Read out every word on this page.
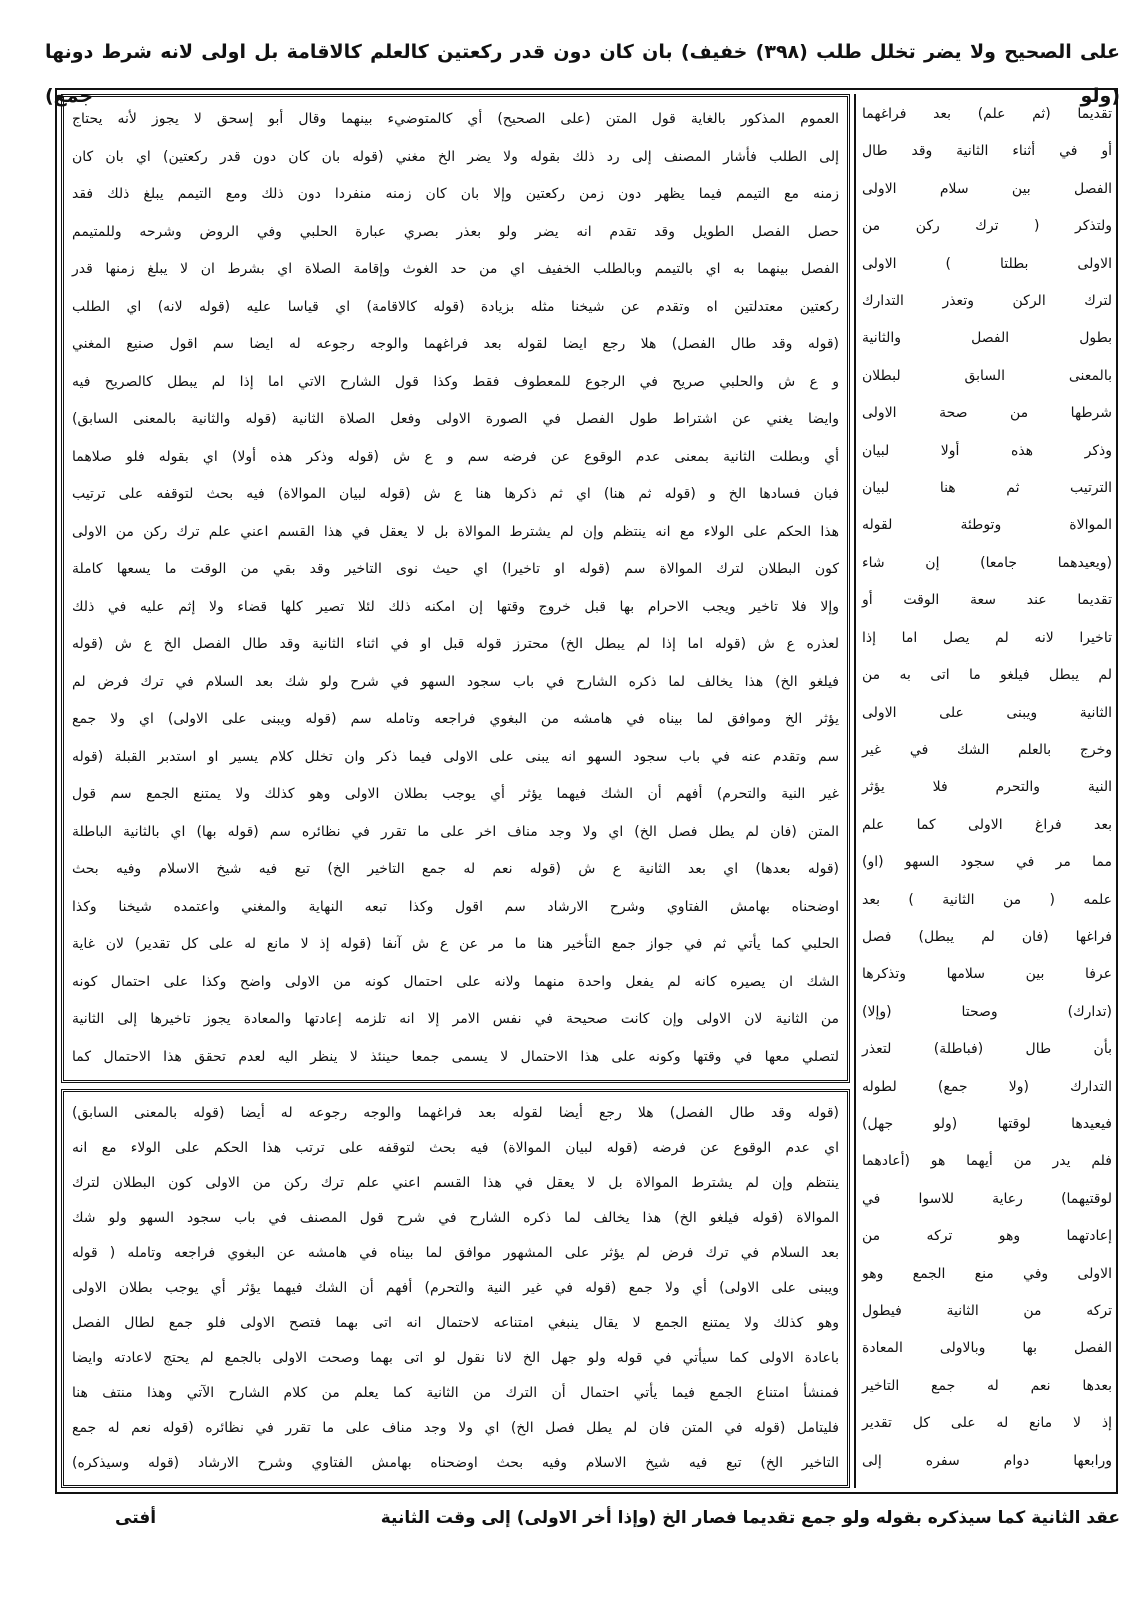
على الصحيح ولا يضر تخلل طلب (٣٩٨) خفيف) بان كان دون قدر ركعتين كالعلم كالاقامة بل اولى لانه شرط دونها (ولو جمع)
تقديما (ثم علم) بعد فراغهما
أو في أثناء الثانية وقد طال
الفصل بين سلام الاولى
ولتذكر ( ترك ركن من
الاولى بطلتا ) الاولى
لترك الركن وتعذر التدارك
بطول الفصل والثانية
بالمعنى السابق لبطلان
شرطها من صحة الاولى
وذكر هذه أولا لبيان
الترتيب ثم هنا لبيان
الموالاة وتوطئة لقوله
(ويعيدهما جامعا) إن شاء
تقديما عند سعة الوقت أو
تاخيرا لانه لم يصل اما إذا
لم يبطل فيلغو ما اتى به من
الثانية ويبنى على الاولى
وخرج بالعلم الشك في غير
النية والتحرم فلا يؤثر
بعد فراغ الاولى كما علم
مما مر في سجود السهو (او)
علمه ( من الثانية ) بعد
فراغها (فان لم يبطل) فصل
عرفا بين سلامها وتذكرها
(تدارك) وصحتا (وإلا)
بأن طال (فباطلة) لتعذر
التدارك (ولا جمع) لطوله
فيعيدها لوقتها (ولو جهل)
فلم يدر من أيهما هو (أعادهما
لوقتيهما) رعاية للاسوا في
إعادتهما وهو تركه من
الاولى وفي منع الجمع وهو
تركه من الثانية فيطول
الفصل بها وبالاولى المعادة
بعدها نعم له جمع التاخير
إذ لا مانع له على كل تقدير
ورابعها دوام سفره إلى
العموم المذكور بالغاية قول المتن (على الصحيح) أي كالمتوضيء بينهما وقال أبو إسحق لا يجوز لأنه يحتاج
إلى الطلب فأشار المصنف إلى رد ذلك بقوله ولا يضر الخ مغني (قوله بان كان دون قدر ركعتين) اي بان كان
زمنه مع التيمم فيما يظهر دون زمن ركعتين وإلا بان كان زمنه منفردا دون ذلك ومع التيمم يبلغ ذلك فقد
حصل الفصل الطويل وقد تقدم انه يضر ولو بعذر بصري عبارة الحلبي وفي الروض وشرحه وللمتيمم
الفصل بينهما به اي بالتيمم وبالطلب الخفيف اي من حد الغوث وإقامة الصلاة اي بشرط ان لا يبلغ زمنها قدر
ركعتين معتدلتين اه وتقدم عن شيخنا مثله بزيادة (قوله كالاقامة) اي قياسا عليه (قوله لانه) اي الطلب
(قوله وقد طال الفصل) هلا رجع ايضا لقوله بعد فراغهما والوجه رجوعه له ايضا سم اقول صنيع المغني
و ع ش والحلبي صريح في الرجوع للمعطوف فقط وكذا قول الشارح الاتي اما إذا لم يبطل كالصريح فيه
وايضا يغني عن اشتراط طول الفصل في الصورة الاولى وفعل الصلاة الثانية (قوله والثانية بالمعنى السابق)
أي وبطلت الثانية بمعنى عدم الوقوع عن فرضه سم و ع ش (قوله وذكر هذه أولا) اي بقوله فلو صلاهما
فبان فسادها الخ و (قوله ثم هنا) اي ثم ذكرها هنا ع ش (قوله لبيان الموالاة) فيه بحث لتوقفه على ترتيب
هذا الحكم على الولاء مع انه ينتظم وإن لم يشترط الموالاة بل لا يعقل في هذا القسم اعني علم ترك ركن من الاولى
كون البطلان لترك الموالاة سم (قوله او تاخيرا) اي حيث نوى التاخير وقد بقي من الوقت ما يسعها كاملة
وإلا فلا تاخير ويجب الاحرام بها قبل خروج وقتها إن امكنه ذلك لئلا تصير كلها قضاء ولا إثم عليه في ذلك
لعذره ع ش (قوله اما إذا لم يبطل الخ) محترز قوله قبل او في اثناء الثانية وقد طال الفصل الخ ع ش (قوله
فيلغو الخ) هذا يخالف لما ذكره الشارح في باب سجود السهو في شرح ولو شك بعد السلام في ترك فرض لم
يؤثر الخ وموافق لما بيناه في هامشه من البغوي فراجعه وتامله سم (قوله ويبنى على الاولى) اي ولا جمع
سم وتقدم عنه في باب سجود السهو انه يبنى على الاولى فيما ذكر وان تخلل كلام يسير او استدبر القبلة (قوله
غير النية والتحرم) أفهم أن الشك فيهما يؤثر أي يوجب بطلان الاولى وهو كذلك ولا يمتنع الجمع سم قول
المتن (فان لم يطل فصل الخ) اي ولا وجد مناف اخر على ما تقرر في نظائره سم (قوله بها) اي بالثانية الباطلة
(قوله بعدها) اي بعد الثانية ع ش (قوله نعم له جمع التاخير الخ) تبع فيه شيخ الاسلام وفيه بحث
اوضحناه بهامش الفتاوي وشرح الارشاد سم اقول وكذا تبعه النهاية والمغني واعتمده شيخنا وكذا
الحلبي كما يأتي ثم في جواز جمع التأخير هنا ما مر عن ع ش آنفا (قوله إذ لا مانع له على كل تقدير) لان غاية
الشك ان يصيره كانه لم يفعل واحدة منهما ولانه على احتمال كونه من الاولى واضح وكذا على احتمال كونه
من الثانية لان الاولى وإن كانت صحيحة في نفس الامر إلا انه تلزمه إعادتها والمعادة يجوز تاخيرها إلى الثانية
لتصلي معها في وقتها وكونه على هذا الاحتمال لا يسمى جمعا حينئذ لا ينظر اليه لعدم تحقق هذا الاحتمال كما
(قوله وقد طال الفصل) هلا رجع أيضا لقوله بعد فراغهما والوجه رجوعه له أيضا (قوله بالمعنى السابق)
اي عدم الوقوع عن فرضه (قوله لبيان الموالاة) فيه بحث لتوقفه على ترتب هذا الحكم على الولاء مع انه
ينتظم وإن لم يشترط الموالاة بل لا يعقل في هذا القسم اعني علم ترك ركن من الاولى كون البطلان لترك
الموالاة (قوله فيلغو الخ) هذا يخالف لما ذكره الشارح في شرح قول المصنف في باب سجود السهو ولو شك
بعد السلام في ترك فرض لم يؤثر على المشهور موافق لما بيناه في هامشه عن البغوي فراجعه وتامله ( قوله
ويبنى على الاولى) أي ولا جمع (قوله في غير النية والتحرم) أفهم أن الشك فيهما يؤثر أي يوجب بطلان الاولى
وهو كذلك ولا يمتنع الجمع لا يقال ينبغي امتناعه لاحتمال انه اتى بهما فتصح الاولى فلو جمع لطال الفصل
باعادة الاولى كما سيأتي في قوله ولو جهل الخ لانا نقول لو اتى بهما وصحت الاولى بالجمع لم يحتج لاعادته وايضا
فمنشأ امتناع الجمع فيما يأتي احتمال أن الترك من الثانية كما يعلم من كلام الشارح الآتي وهذا منتف هنا
فليتامل (قوله في المتن فان لم يطل فصل الخ) اي ولا وجد مناف على ما تقرر في نظائره (قوله نعم له جمع
التاخير الخ) تبع فيه شيخ الاسلام وفيه بحث اوضحناه بهامش الفتاوي وشرح الارشاد (قوله وسيذكره)
عقد الثانية كما سيذكره بقوله ولو جمع تقديما فصار الخ (وإذا أخر الاولى) إلى وقت الثانية
أفتى
